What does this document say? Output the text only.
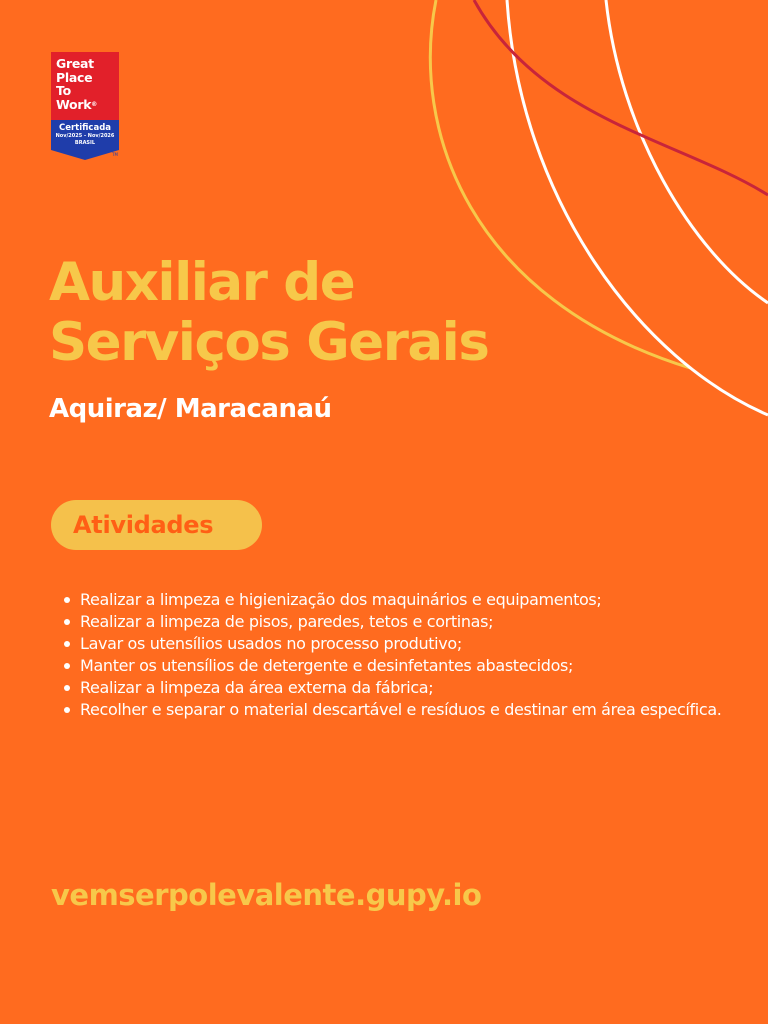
Great
Place
To
Work®
Certificada
Nov/2025 - Nov/2026
BRASIL
TM
Auxiliar de
Serviços Gerais

Aquiraz/ Maracanaú

Atividades
Realizar a limpeza e higienização dos maquinários e equipamentos;
Realizar a limpeza de pisos, paredes, tetos e cortinas;
Lavar os utensílios usados no processo produtivo;
Manter os utensílios de detergente e desinfetantes abastecidos;
Realizar a limpeza da área externa da fábrica;
Recolher e separar o material descartável e resíduos e destinar em área específica.

vemserpolevalente.gupy.io
